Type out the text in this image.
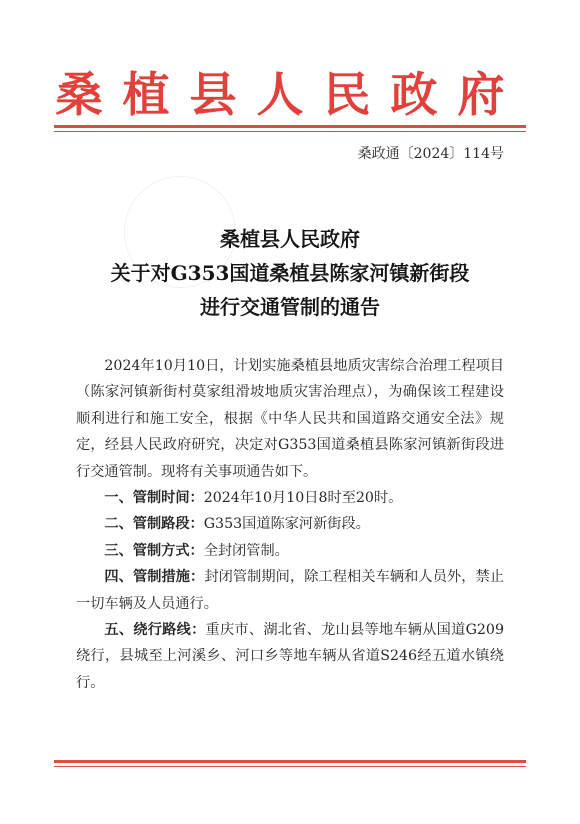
桑植县人民政府
桑政通〔2024〕114号
桑植县人民政府
关于对G353国道桑植县陈家河镇新街段
进行交通管制的通告

2024年10月10日，计划实施桑植县地质灾害综合治理工程项目（陈家河镇新街村莫家组滑坡地质灾害治理点），为确保该工程建设顺利进行和施工安全，根据《中华人民共和国道路交通安全法》规定，经县人民政府研究，决定对G353国道桑植县陈家河镇新街段进行交通管制。现将有关事项通告如下。

一、管制时间：2024年10月10日8时至20时。

二、管制路段：G353国道陈家河新街段。

三、管制方式：全封闭管制。

四、管制措施：封闭管制期间，除工程相关车辆和人员外，禁止一切车辆及人员通行。

五、绕行路线：重庆市、湖北省、龙山县等地车辆从国道G209绕行，县城至上河溪乡、河口乡等地车辆从省道S246经五道水镇绕行。
